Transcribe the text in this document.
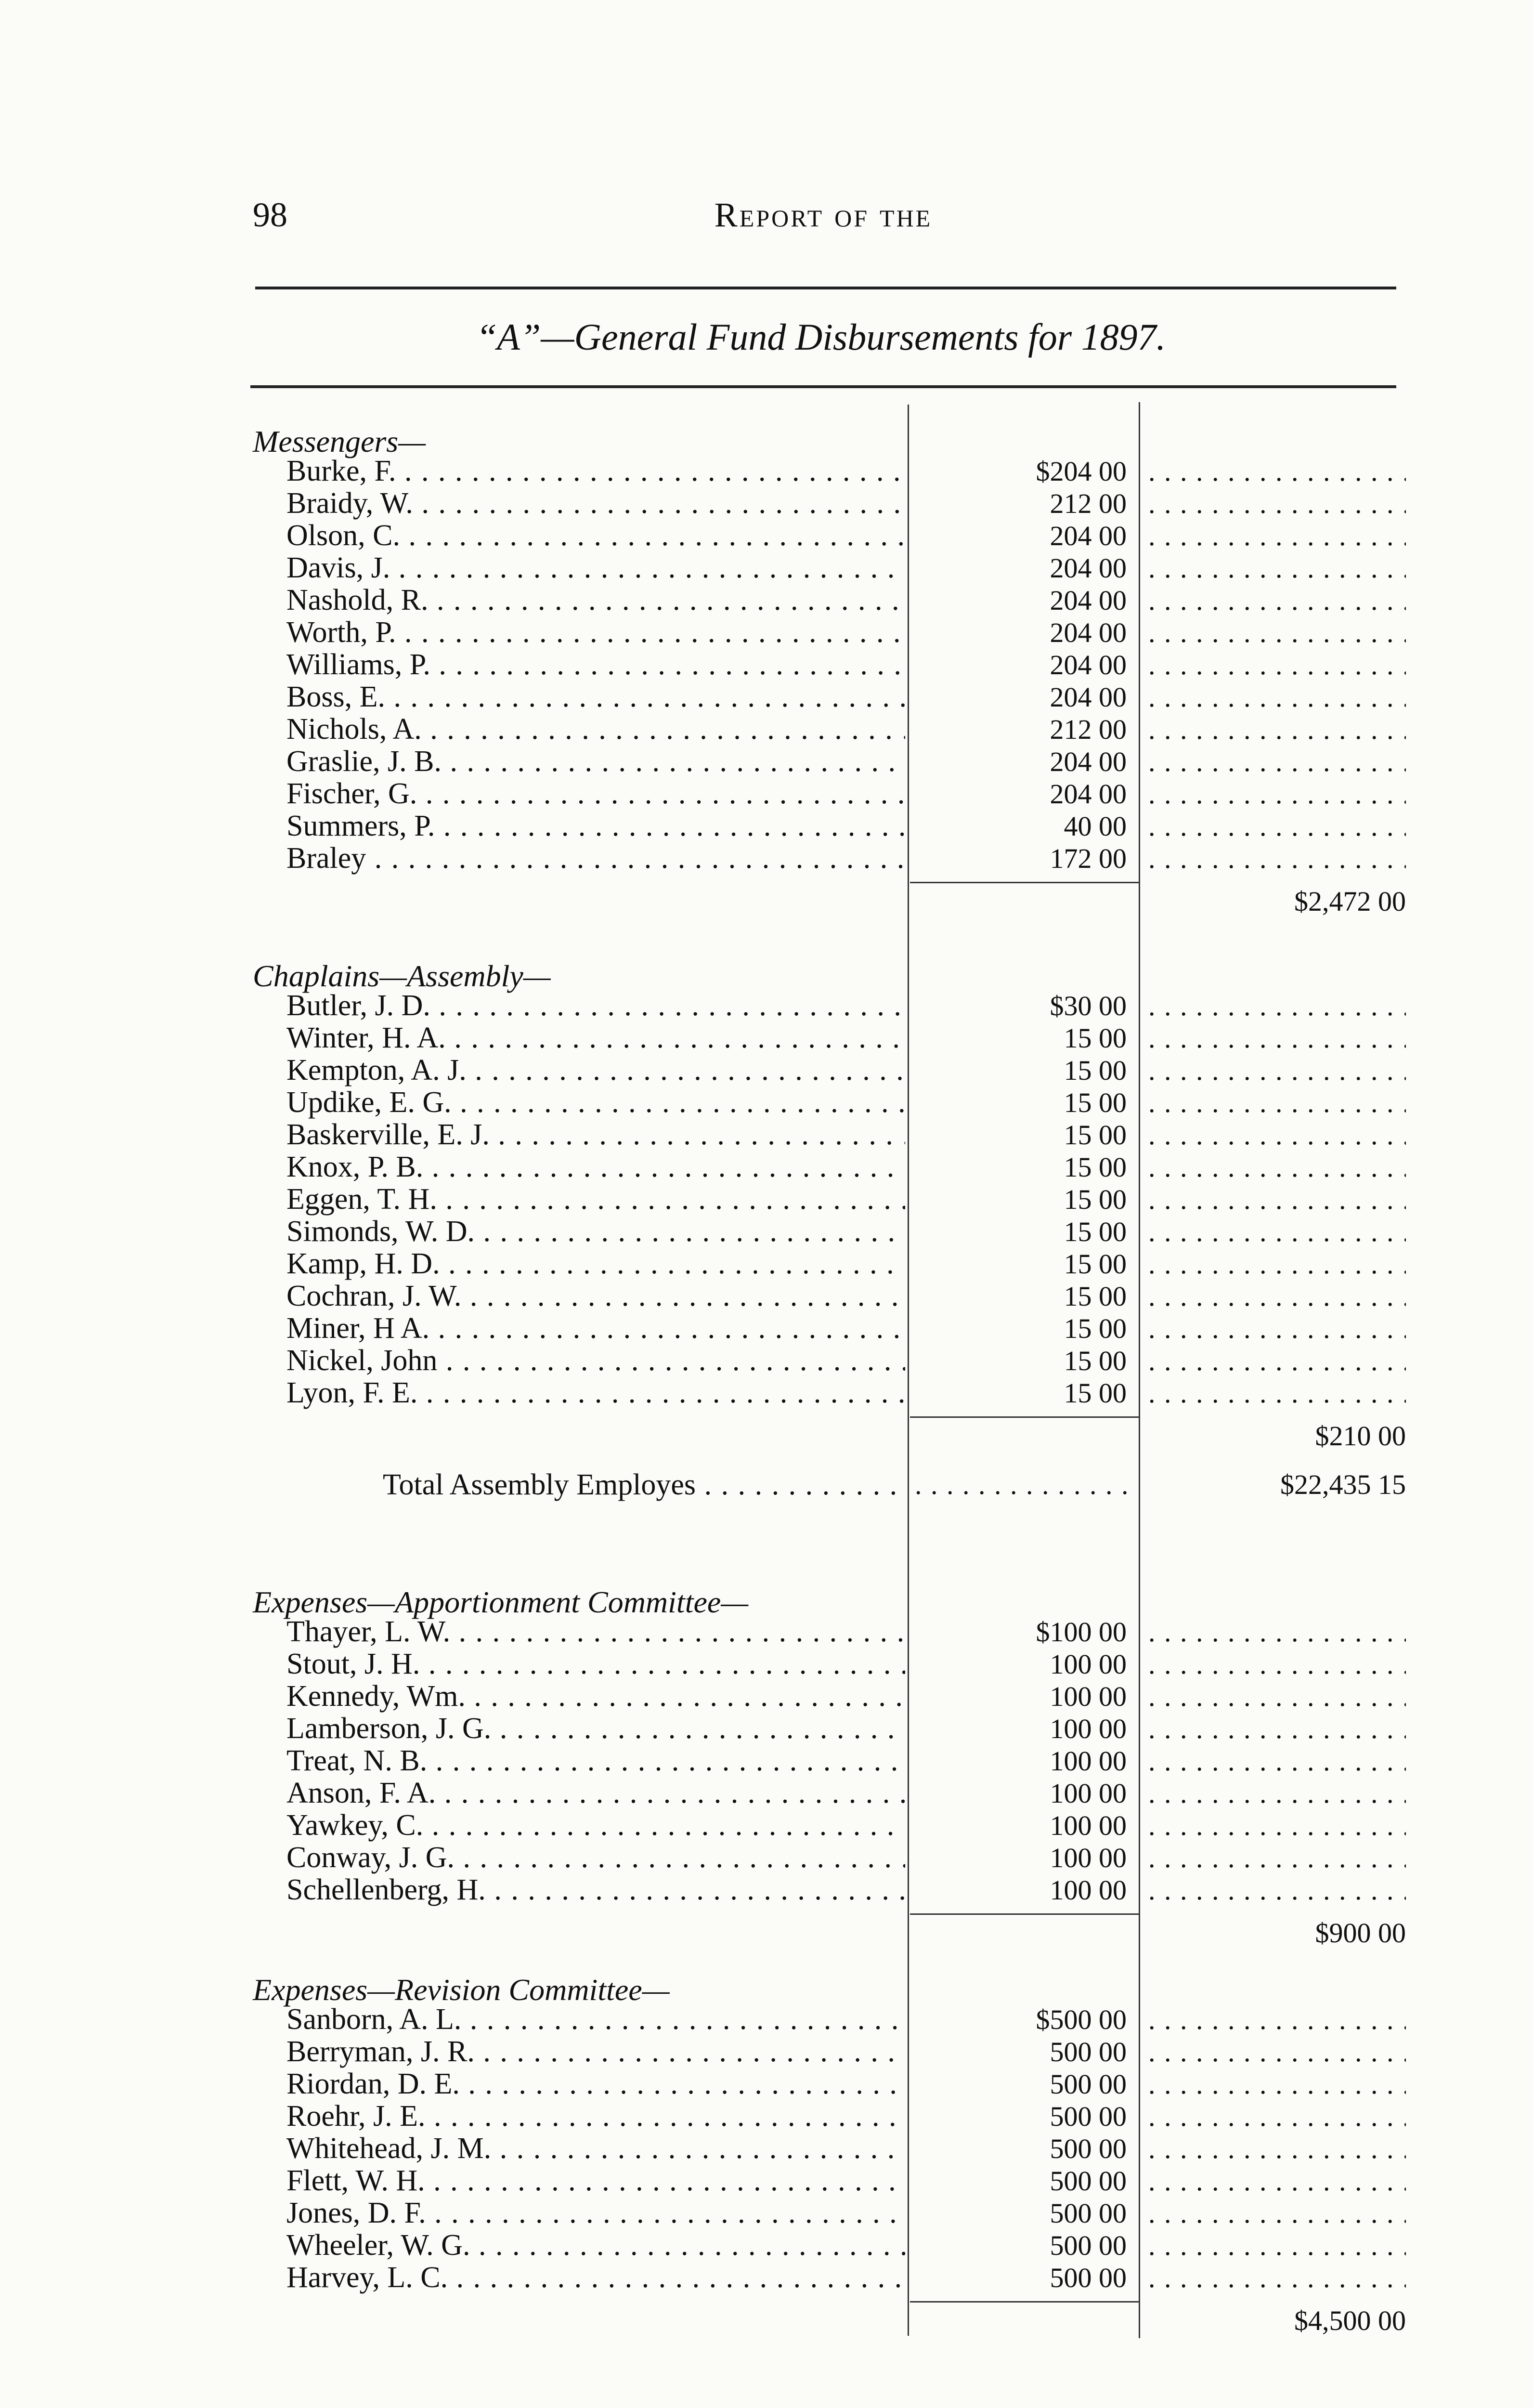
98	Report of the
“A”—General Fund Disbursements for 1897.
Messengers—
Burke, F. . . .	$204 00
. . .
Braidy, W. . . .	212 00
. . .
Olson, C. . . .	204 00
. . .
Davis, J. . . .	204 00
. . .
Nashold, R. . . .	204 00
. . .
Worth, P. . . .	204 00
. . .
Williams, P. . . .	204 00
. . .
Boss, E. . . .	204 00
. . .
Nichols, A. . . .	212 00
. . .
Graslie, J. B. . . .	204 00
. . .
Fischer, G. . . .	204 00
. . .
Summers, P. . . .	40 00
. . .
Braley . . .	172 00
. . .
$2,472 00
Chaplains—Assembly—
Butler, J. D. . . .	$30 00
. . .
Winter, H. A. . . .	15 00
. . .
Kempton, A. J. . . .	15 00
. . .
Updike, E. G. . . .	15 00
. . .
Baskerville, E. J. . . .	15 00
. . .
Knox, P. B. . . .	15 00
. . .
Eggen, T. H. . . .	15 00
. . .
Simonds, W. D. . . .	15 00
. . .
Kamp, H. D. . . .	15 00
. . .
Cochran, J. W. . . .	15 00
. . .
Miner, H A. . . .	15 00
. . .
Nickel, John . . .	15 00
. . .
Lyon, F. E. . . .	15 00
. . .
$210 00
Expenses—Apportionment Committee—
Thayer, L. W. . . .	$100 00
. . .
Stout, J. H. . . .	100 00
. . .
Kennedy, Wm. . . .	100 00
. . .
Lamberson, J. G. . . .	100 00
. . .
Treat, N. B. . . .	100 00
. . .
Anson, F. A. . . .	100 00
. . .
Yawkey, C. . . .	100 00
. . .
Conway, J. G. . . .	100 00
. . .
Schellenberg, H. . . .	100 00
. . .
$900 00
Expenses—Revision Committee—
Sanborn, A. L. . . .	$500 00
. . .
Berryman, J. R. . . .	500 00
. . .
Riordan, D. E. . . .	500 00
. . .
Roehr, J. E. . . .	500 00
. . .
Whitehead, J. M. . . .	500 00
. . .
Flett, W. H. . . .	500 00
. . .
Jones, D. F. . . .	500 00
. . .
Wheeler, W. G. . . .	500 00
. . .
Harvey, L. C. . . .	500 00
. . .
$4,500 00
Total Assembly Employes . . .
. . .	$22,435 15
